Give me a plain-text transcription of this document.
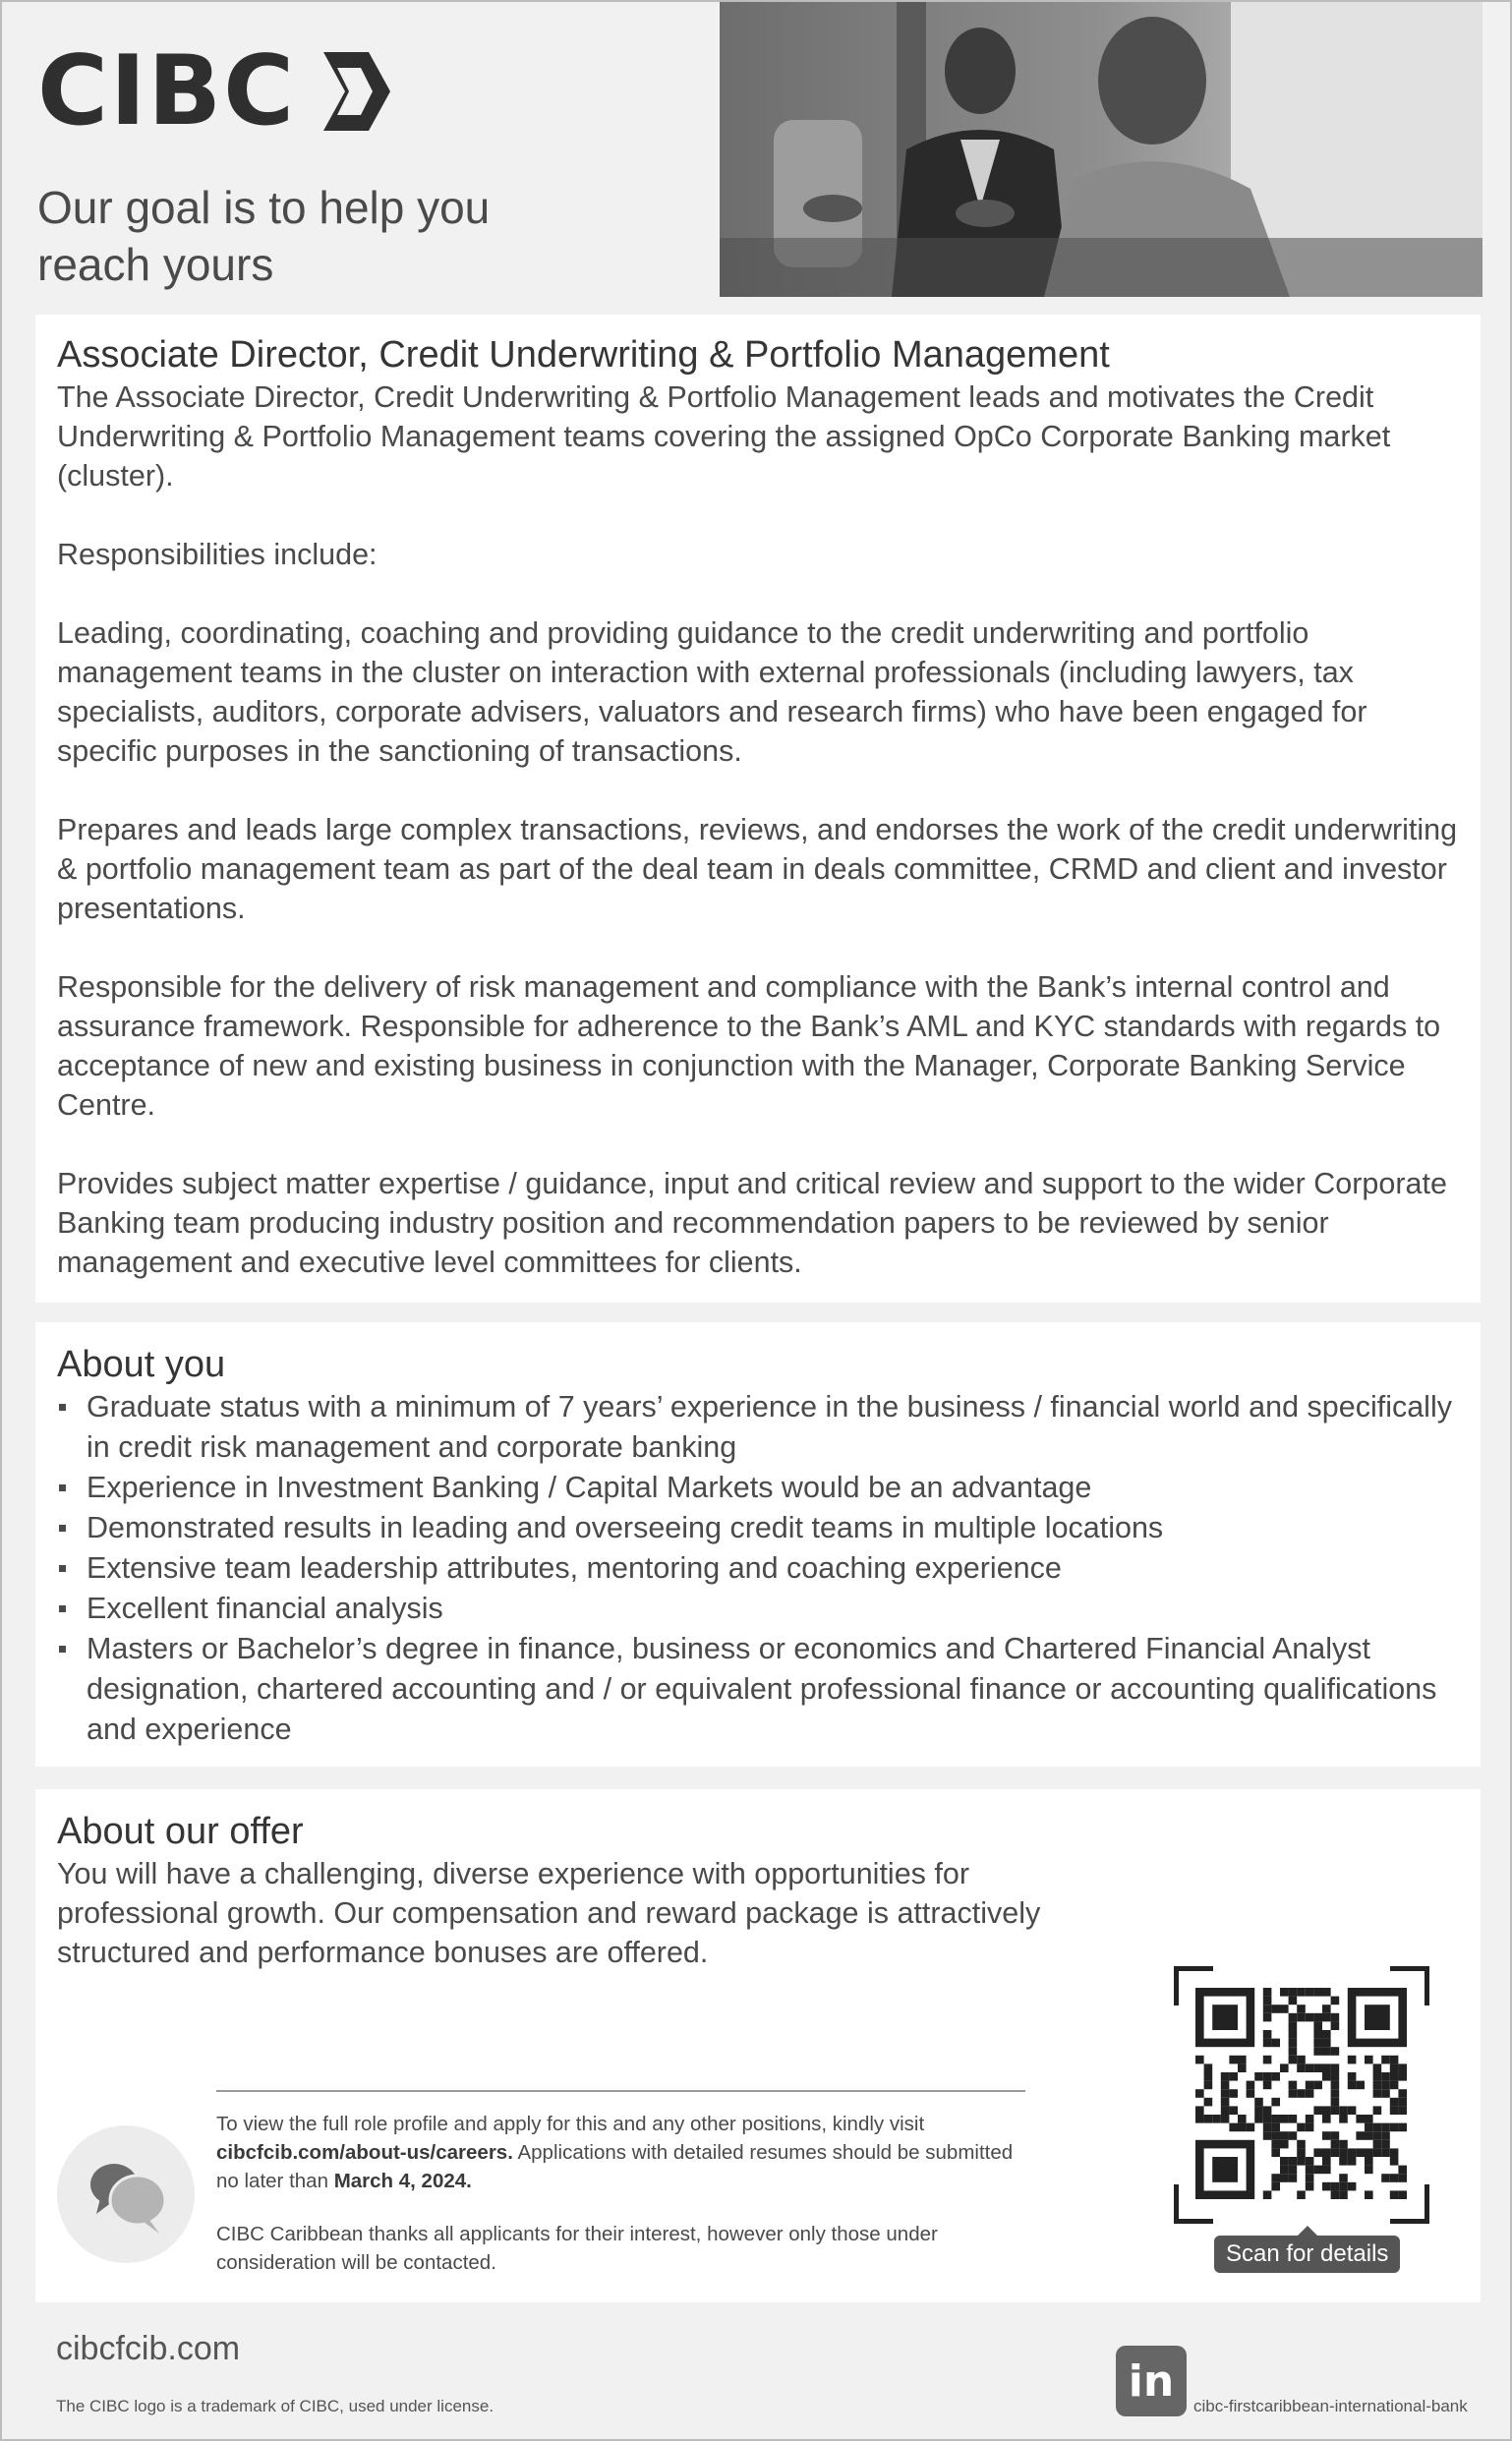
CIBC
Our goal is to help you reach yours
Associate Director, Credit Underwriting & Portfolio Management

The Associate Director, Credit Underwriting & Portfolio Management leads and motivates the Credit Underwriting & Portfolio Management teams covering the assigned OpCo Corporate Banking market (cluster).

Responsibilities include:

Leading, coordinating, coaching and providing guidance to the credit underwriting and portfolio management teams in the cluster on interaction with external professionals (including lawyers, tax specialists, auditors, corporate advisers, valuators and research firms) who have been engaged for specific purposes in the sanctioning of transactions.

Prepares and leads large complex transactions, reviews, and endorses the work of the credit underwriting & portfolio management team as part of the deal team in deals committee, CRMD and client and investor presentations.

Responsible for the delivery of risk management and compliance with the Bank’s internal control and assurance framework. Responsible for adherence to the Bank’s AML and KYC standards with regards to acceptance of new and existing business in conjunction with the Manager, Corporate Banking Service Centre.

Provides subject matter expertise / guidance, input and critical review and support to the wider Corporate Banking team producing industry position and recommendation papers to be reviewed by senior management and executive level committees for clients.

About you
Graduate status with a minimum of 7 years’ experience in the business / financial world and specifically in credit risk management and corporate banking
Experience in Investment Banking / Capital Markets would be an advantage
Demonstrated results in leading and overseeing credit teams in multiple locations
Extensive team leadership attributes, mentoring and coaching experience
Excellent financial analysis
Masters or Bachelor’s degree in finance, business or economics and Chartered Financial Analyst designation, chartered accounting and / or equivalent professional finance or accounting qualifications and experience
About our offer

You will have a challenging, diverse experience with opportunities for professional growth. Our compensation and reward package is attractively structured and performance bonuses are offered.

To view the full role profile and apply for this and any other positions, kindly visit cibcfcib.com/about-us/careers. Applications with detailed resumes should be submitted no later than March 4, 2024.

CIBC Caribbean thanks all applicants for their interest, however only those under consideration will be contacted.	Scan for details
cibcfcib.com
The CIBC logo is a trademark of CIBC, used under license.	in	cibc-firstcaribbean-international-bank
